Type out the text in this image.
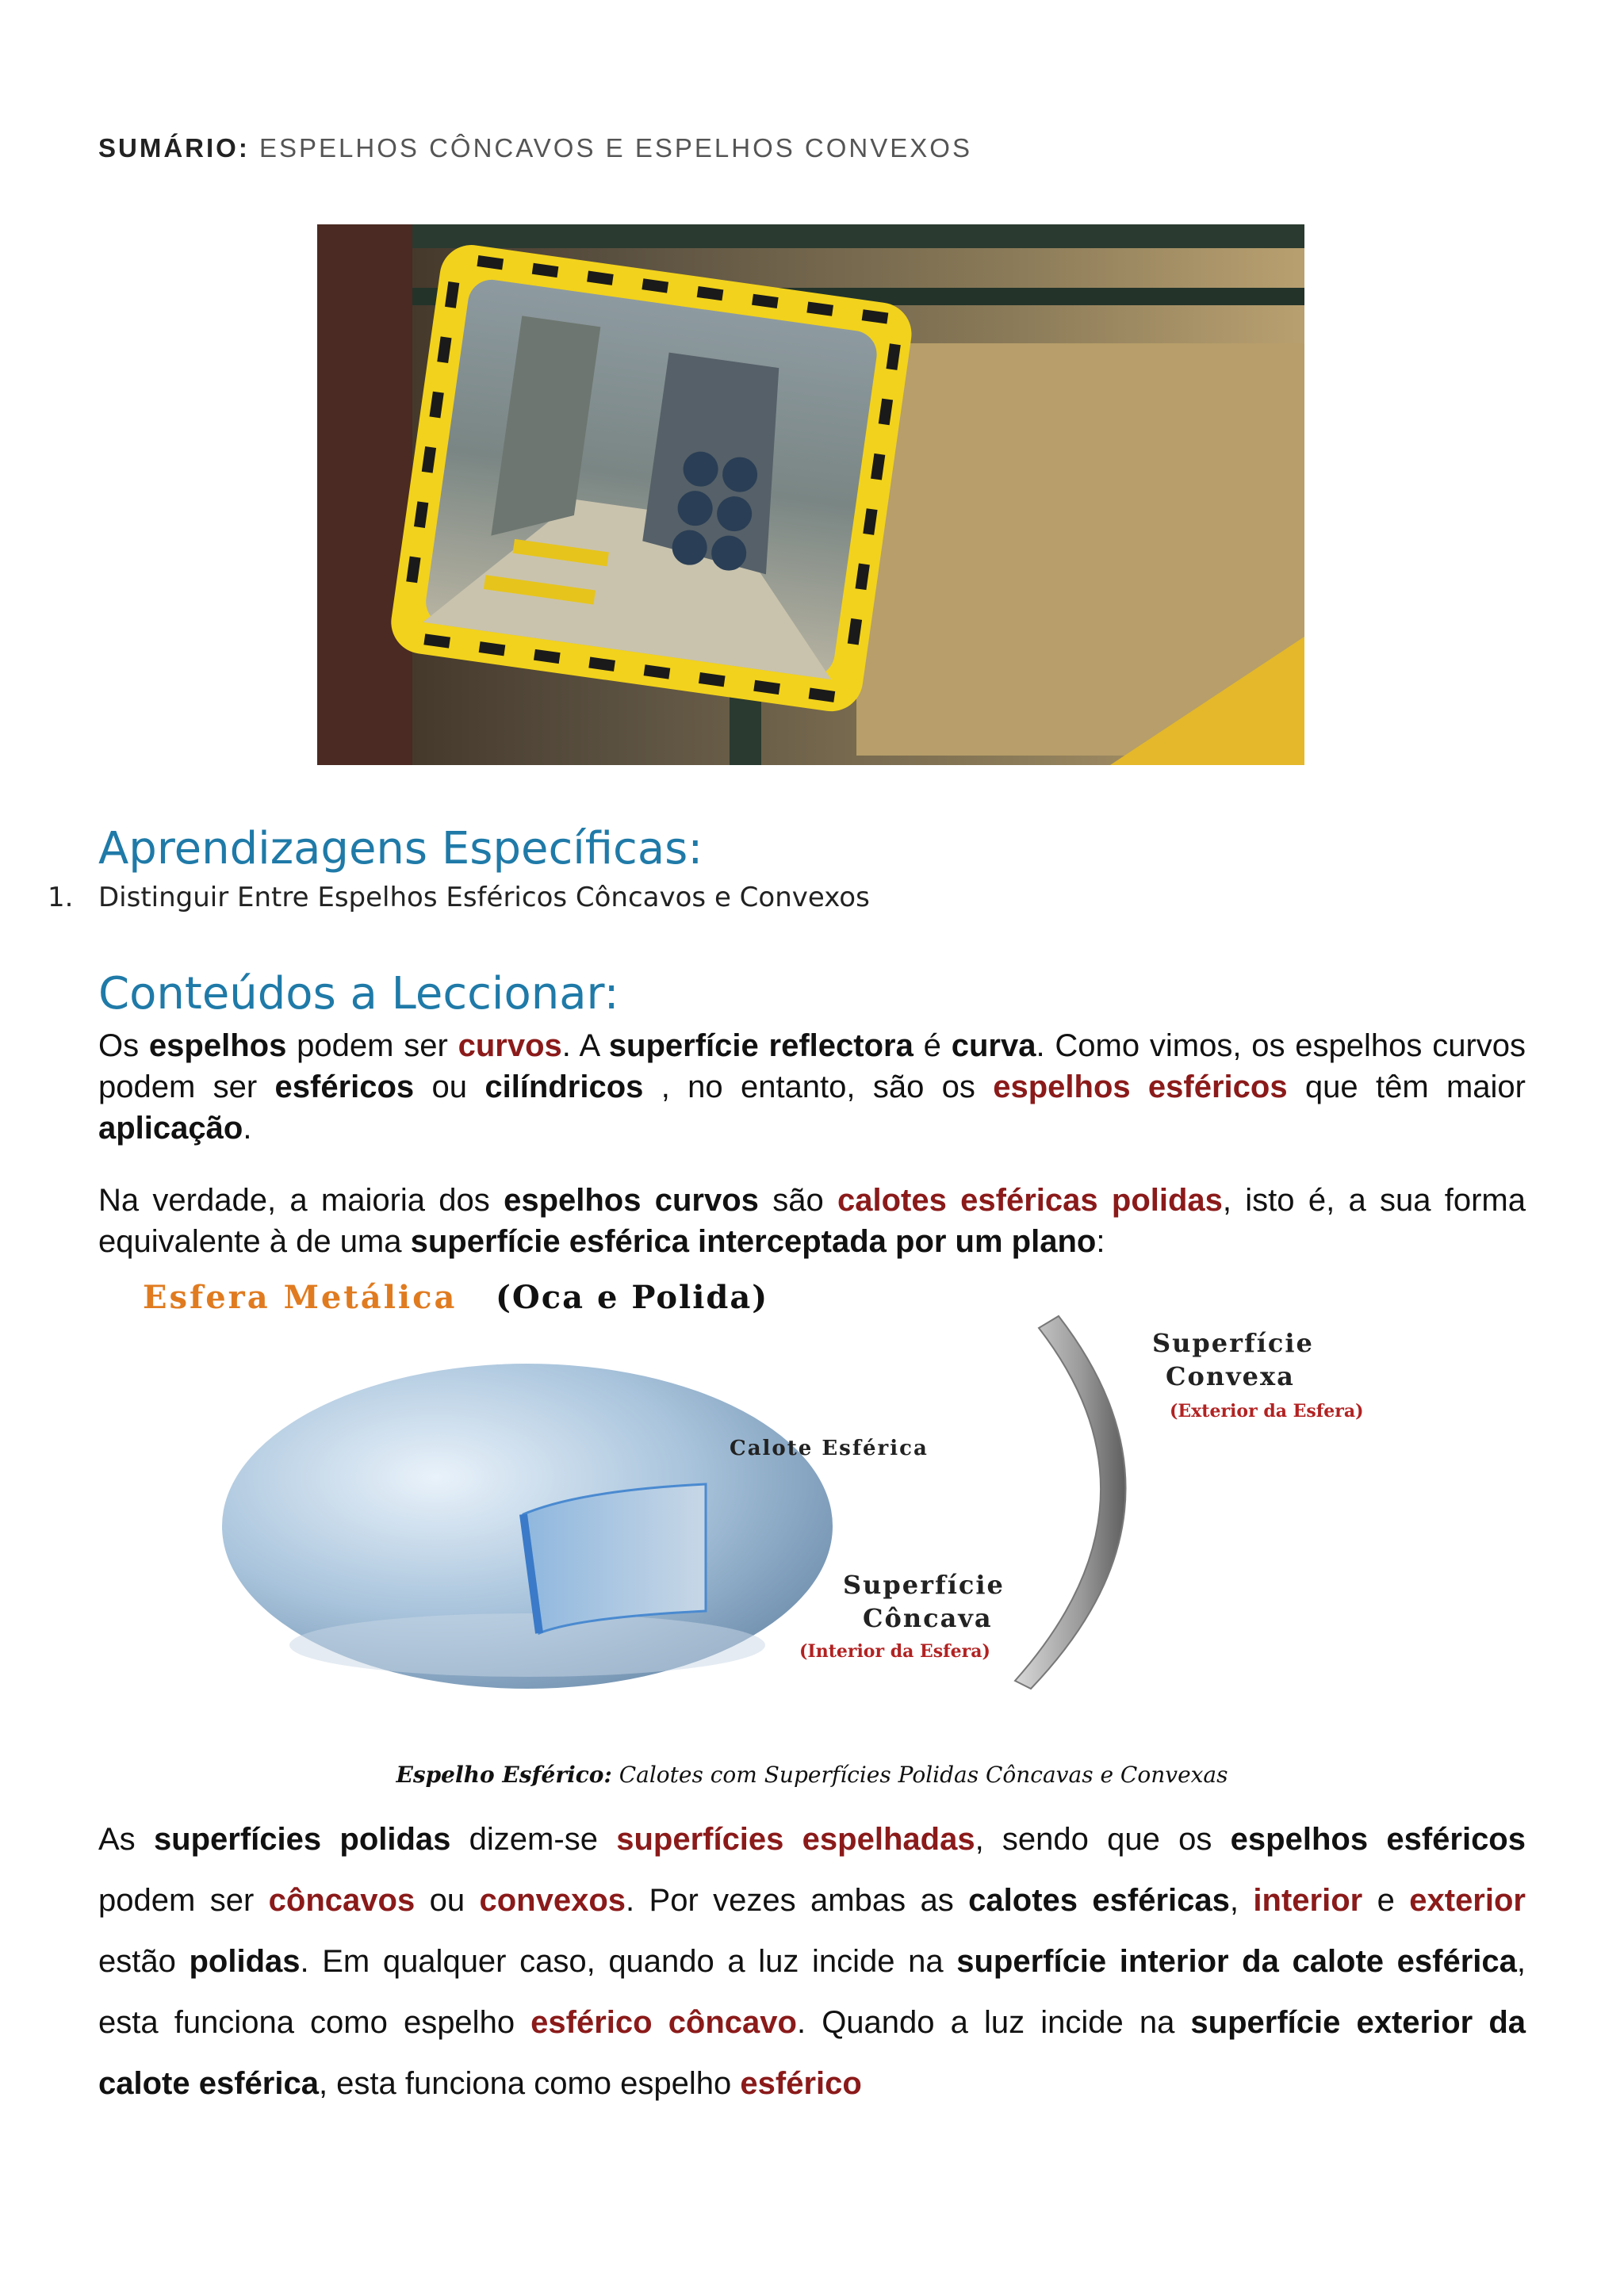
SUMÁRIO: ESPELHOS CÔNCAVOS E ESPELHOS CONVEXOS
Aprendizagens Específicas:
1. Distinguir Entre Espelhos Esféricos Côncavos e Convexos
Conteúdos a Leccionar:

Os espelhos podem ser curvos. A superfície reflectora é curva. Como vimos, os espelhos curvos podem ser esféricos ou cilíndricos , no entanto, são os espelhos esféricos que têm maior aplicação.

Na verdade, a maioria dos espelhos curvos são calotes esféricas polidas, isto é, a sua forma equivalente à de uma superfície esférica interceptada por um plano:

Esfera Metálica (Oca e Polida)
Calote Esférica
Superfície
Convexa
(Exterior da Esfera)
Superfície
Côncava
(Interior da Esfera)
Espelho Esférico: Calotes com Superfícies Polidas Côncavas e Convexas

As superfícies polidas dizem-se superfícies espelhadas, sendo que os espelhos esféricos podem ser côncavos ou convexos. Por vezes ambas as calotes esféricas, interior e exterior estão polidas. Em qualquer caso, quando a luz incide na superfície interior da calote esférica, esta funciona como espelho esférico côncavo. Quando a luz incide na superfície exterior da calote esférica, esta funciona como espelho esférico
